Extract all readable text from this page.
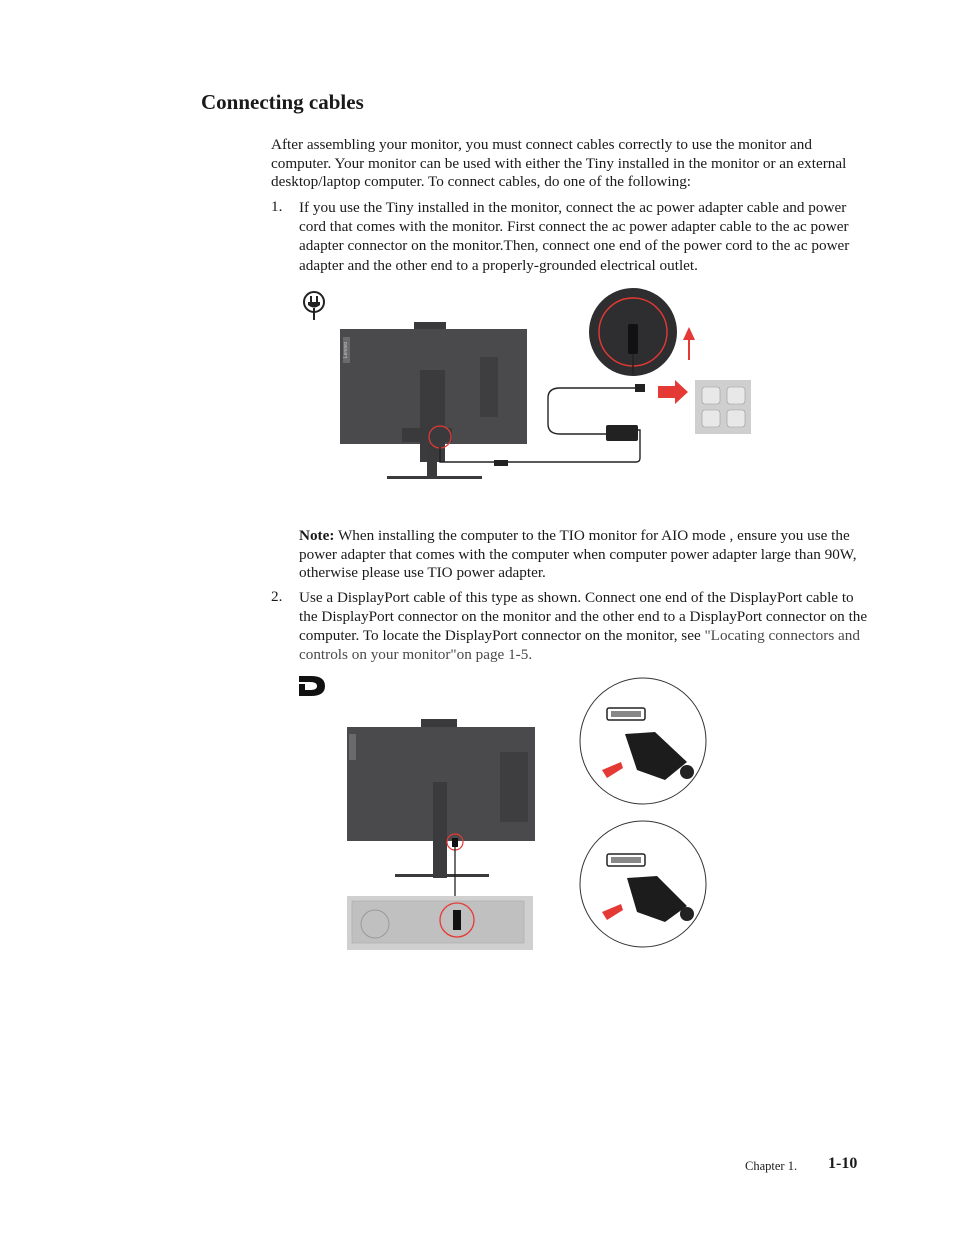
Connecting cables

After assembling your monitor, you must connect cables correctly to use the monitor and computer. Your monitor can be used with either the Tiny installed in the monitor or an external desktop/laptop computer. To connect cables, do one of the following:

1. If you use the Tiny installed in the monitor, connect the ac power adapter cable and power cord that comes with the monitor. First connect the ac power adapter cable to the ac power adapter connector on the monitor.Then, connect one end of the power cord to the ac power adapter and the other end to a properly-grounded electrical outlet.

Lenovo

Note: When installing the computer to the TIO monitor for AIO mode , ensure you use the power adapter that comes with the computer when computer power adapter large than 90W, otherwise please use TIO power adapter.

2. Use a DisplayPort cable of this type as shown. Connect one end of the DisplayPort cable to the DisplayPort connector on the monitor and the other end to a DisplayPort connector on the computer. To locate the DisplayPort connector on the monitor, see "Locating connectors and controls on your monitor"on page 1-5.

Chapter 1. 1-10
